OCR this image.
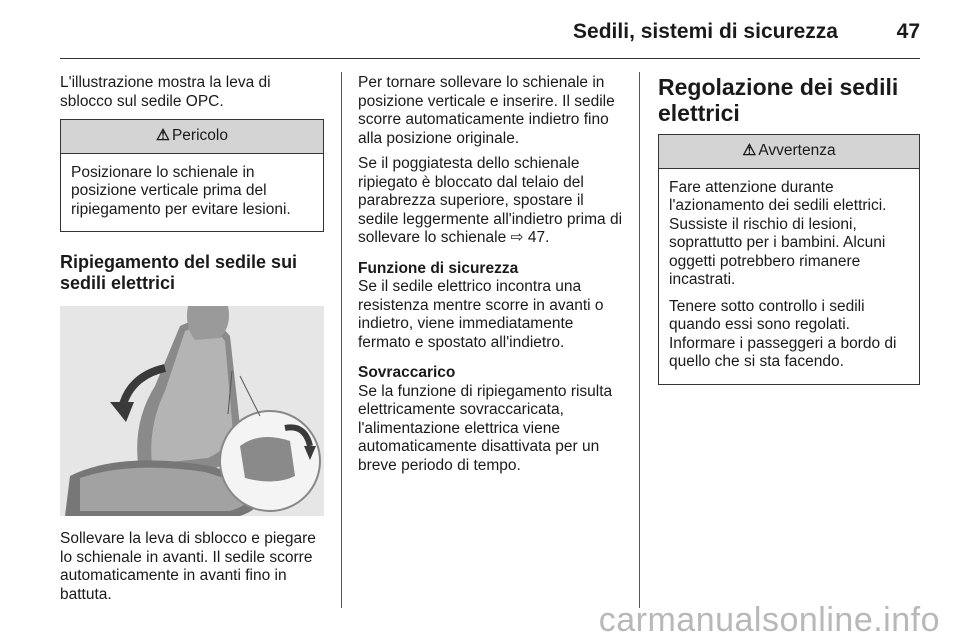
Sedili, sistemi di sicurezza	47

L'illustrazione mostra la leva di sblocco sul sedile OPC.

⚠ Pericolo

Posizionare lo schienale in posizione verticale prima del ripiegamento per evitare lesioni.

Ripiegamento del sedile sui sedili elettrici

Sollevare la leva di sblocco e piegare lo schienale in avanti. Il sedile scorre automaticamente in avanti fino in battuta.

Per tornare sollevare lo schienale in posizione verticale e inserire. Il sedile scorre automaticamente indietro fino alla posizione originale.

Se il poggiatesta dello schienale ripiegato è bloccato dal telaio del parabrezza superiore, spostare il sedile leggermente all'indietro prima di sollevare lo schienale ⇨ 47.

Funzione di sicurezza
Se il sedile elettrico incontra una resistenza mentre scorre in avanti o indietro, viene immediatamente fermato e spostato all'indietro.

Sovraccarico
Se la funzione di ripiegamento risulta elettricamente sovraccaricata, l'alimentazione elettrica viene automaticamente disattivata per un breve periodo di tempo.

Regolazione dei sedili elettrici
⚠ Avvertenza

Fare attenzione durante l'azionamento dei sedili elettrici. Sussiste il rischio di lesioni, soprattutto per i bambini. Alcuni oggetti potrebbero rimanere incastrati.

Tenere sotto controllo i sedili quando essi sono regolati. Informare i passeggeri a bordo di quello che si sta facendo.

carmanualsonline.info
